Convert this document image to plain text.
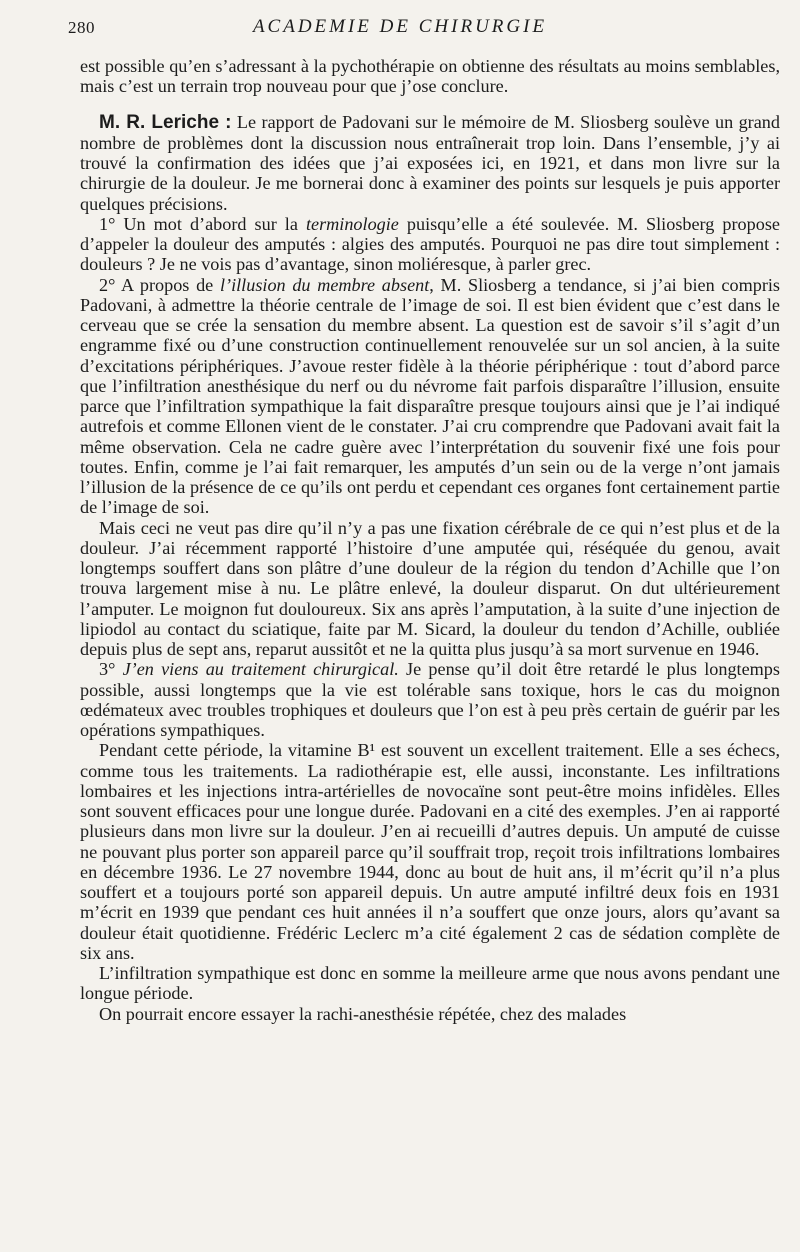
280	ACADEMIE DE CHIRURGIE

est possible qu’en s’adressant à la pychothérapie on obtienne des résultats au moins semblables, mais c’est un terrain trop nouveau pour que j’ose conclure.

M. R. Leriche : Le rapport de Padovani sur le mémoire de M. Sliosberg soulève un grand nombre de problèmes dont la discussion nous entraînerait trop loin. Dans l’ensemble, j’y ai trouvé la confirmation des idées que j’ai exposées ici, en 1921, et dans mon livre sur la chirurgie de la douleur. Je me bornerai donc à examiner des points sur lesquels je puis apporter quelques précisions.

1° Un mot d’abord sur la terminologie puisqu’elle a été soulevée. M. Sliosberg propose d’appeler la douleur des amputés : algies des amputés. Pourquoi ne pas dire tout simplement : douleurs ? Je ne vois pas d’avantage, sinon moliéresque, à parler grec.

2° A propos de l’illusion du membre absent, M. Sliosberg a tendance, si j’ai bien compris Padovani, à admettre la théorie centrale de l’image de soi. Il est bien évident que c’est dans le cerveau que se crée la sensation du membre absent. La question est de savoir s’il s’agit d’un engramme fixé ou d’une construction continuellement renouvelée sur un sol ancien, à la suite d’excitations périphériques. J’avoue rester fidèle à la théorie périphérique : tout d’abord parce que l’infiltration anesthésique du nerf ou du névrome fait parfois disparaître l’illusion, ensuite parce que l’infiltration sympathique la fait disparaître presque toujours ainsi que je l’ai indiqué autrefois et comme Ellonen vient de le constater. J’ai cru comprendre que Padovani avait fait la même observation. Cela ne cadre guère avec l’interprétation du souvenir fixé une fois pour toutes. Enfin, comme je l’ai fait remarquer, les amputés d’un sein ou de la verge n’ont jamais l’illusion de la présence de ce qu’ils ont perdu et cependant ces organes font certainement partie de l’image de soi.

Mais ceci ne veut pas dire qu’il n’y a pas une fixation cérébrale de ce qui n’est plus et de la douleur. J’ai récemment rapporté l’histoire d’une amputée qui, réséquée du genou, avait longtemps souffert dans son plâtre d’une douleur de la région du tendon d’Achille que l’on trouva largement mise à nu. Le plâtre enlevé, la douleur disparut. On dut ultérieurement l’amputer. Le moignon fut douloureux. Six ans après l’amputation, à la suite d’une injection de lipiodol au contact du sciatique, faite par M. Sicard, la douleur du tendon d’Achille, oubliée depuis plus de sept ans, reparut aussitôt et ne la quitta plus jusqu’à sa mort survenue en 1946.

3° J’en viens au traitement chirurgical. Je pense qu’il doit être retardé le plus longtemps possible, aussi longtemps que la vie est tolérable sans toxique, hors le cas du moignon œdémateux avec troubles trophiques et douleurs que l’on est à peu près certain de guérir par les opérations sympathiques.

Pendant cette période, la vitamine B¹ est souvent un excellent traitement. Elle a ses échecs, comme tous les traitements. La radiothérapie est, elle aussi, inconstante. Les infiltrations lombaires et les injections intra-artérielles de novocaïne sont peut-être moins infidèles. Elles sont souvent efficaces pour une longue durée. Padovani en a cité des exemples. J’en ai rapporté plusieurs dans mon livre sur la douleur. J’en ai recueilli d’autres depuis. Un amputé de cuisse ne pouvant plus porter son appareil parce qu’il souffrait trop, reçoit trois infiltrations lombaires en décembre 1936. Le 27 novembre 1944, donc au bout de huit ans, il m’écrit qu’il n’a plus souffert et a toujours porté son appareil depuis. Un autre amputé infiltré deux fois en 1931 m’écrit en 1939 que pendant ces huit années il n’a souffert que onze jours, alors qu’avant sa douleur était quotidienne. Frédéric Leclerc m’a cité également 2 cas de sédation complète de six ans.

L’infiltration sympathique est donc en somme la meilleure arme que nous avons pendant une longue période.

On pourrait encore essayer la rachi-anesthésie répétée, chez des malades
